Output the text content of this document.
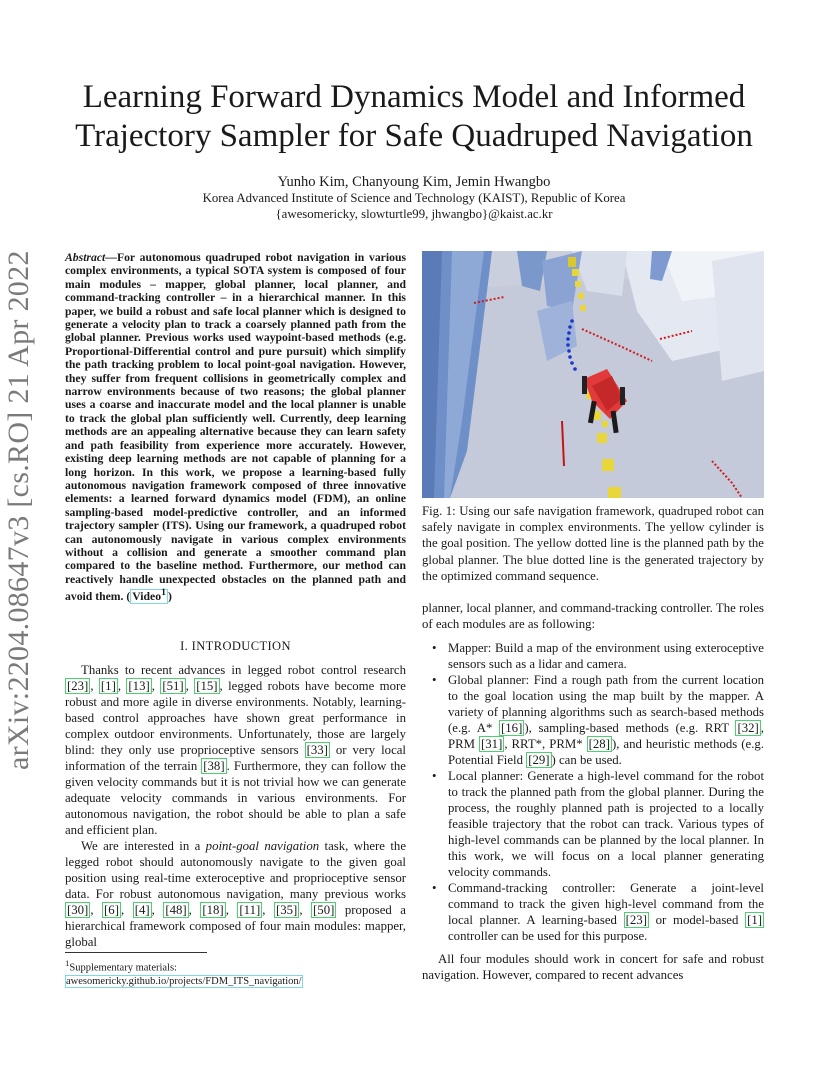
arXiv:2204.08647v3 [cs.RO] 21 Apr 2022
Learning Forward Dynamics Model and Informed
Trajectory Sampler for Safe Quadruped Navigation
Yunho Kim, Chanyoung Kim, Jemin Hwangbo
Korea Advanced Institute of Science and Technology (KAIST), Republic of Korea
{awesomericky, slowturtle99, jhwangbo}@kaist.ac.kr
Abstract—For autonomous quadruped robot navigation in various complex environments, a typical SOTA system is composed of four main modules – mapper, global planner, local planner, and command-tracking controller – in a hierarchical manner. In this paper, we build a robust and safe local planner which is designed to generate a velocity plan to track a coarsely planned path from the global planner. Previous works used waypoint-based methods (e.g. Proportional-Differential control and pure pursuit) which simplify the path tracking problem to local point-goal navigation. However, they suffer from frequent collisions in geometrically complex and narrow environments because of two reasons; the global planner uses a coarse and inaccurate model and the local planner is unable to track the global plan sufficiently well. Currently, deep learning methods are an appealing alternative because they can learn safety and path feasibility from experience more accurately. However, existing deep learning methods are not capable of planning for a long horizon. In this work, we propose a learning-based fully autonomous navigation framework composed of three innovative elements: a learned forward dynamics model (FDM), an online sampling-based model-predictive controller, and an informed trajectory sampler (ITS). Using our framework, a quadruped robot can autonomously navigate in various complex environments without a collision and generate a smoother command plan compared to the baseline method. Furthermore, our method can reactively handle unexpected obstacles on the planned path and avoid them. ( Video$^1$ )
I. INTRODUCTION

Thanks to recent advances in legged robot control research [23] , [1] , [13] , [51] , [15] , legged robots have become more robust and more agile in diverse environments. Notably, learning-based control approaches have shown great performance in complex outdoor environments. Unfortunately, those are largely blind: they only use proprioceptive sensors [33] or very local information of the terrain [38] . Furthermore, they can follow the given velocity commands but it is not trivial how we can generate adequate velocity commands in various environments. For autonomous navigation, the robot should be able to plan a safe and efficient plan.

We are interested in a point-goal navigation task, where the legged robot should autonomously navigate to the given goal position using real-time exteroceptive and proprioceptive sensor data. For robust autonomous navigation, many previous works [30] , [6] , [4] , [48] , [18] , [11] , [35] , [50] proposed a hierarchical framework composed of four main modules: mapper, global

$^1$Supplementary materials:
awesomericky.github.io/projects/FDM_ITS_navigation/
Fig. 1: Using our safe navigation framework, quadruped robot can safely navigate in complex environments. The yellow cylinder is the goal position. The yellow dotted line is the planned path by the global planner. The blue dotted line is the generated trajectory by the optimized command sequence.

planner, local planner, and command-tracking controller. The roles of each modules are as following:

• Mapper: Build a map of the environment using exteroceptive sensors such as a lidar and camera.
• Global planner: Find a rough path from the current location to the goal location using the map built by the mapper. A variety of planning algorithms such as search-based methods (e.g. A* [16] ), sampling-based methods (e.g. RRT [32] , PRM [31] , RRT*, PRM* [28] ), and heuristic methods (e.g. Potential Field [29] ) can be used.
• Local planner: Generate a high-level command for the robot to track the planned path from the global planner. During the process, the roughly planned path is projected to a locally feasible trajectory that the robot can track. Various types of high-level commands can be planned by the local planner. In this work, we will focus on a local planner generating velocity commands.
• Command-tracking controller: Generate a joint-level command to track the given high-level command from the local planner. A learning-based [23] or model-based [1] controller can be used for this purpose.

All four modules should work in concert for safe and robust navigation. However, compared to recent advances
